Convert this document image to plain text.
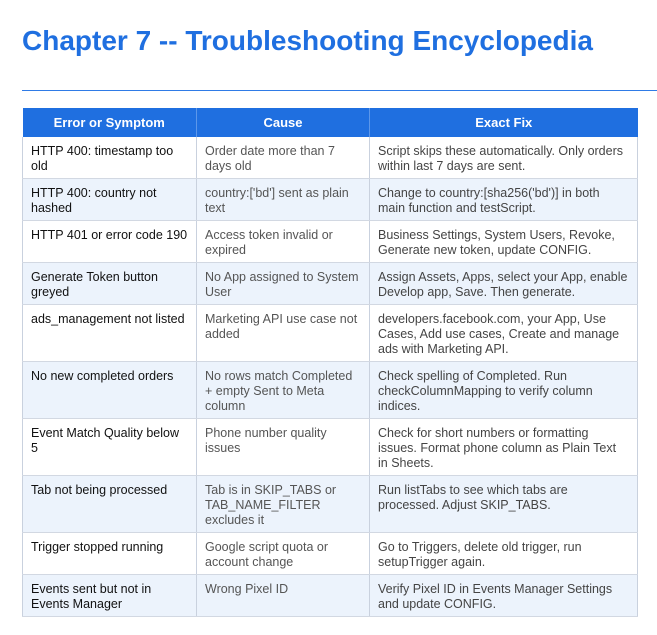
Chapter 7 -- Troubleshooting Encyclopedia
Error or Symptom	Cause	Exact Fix
HTTP 400: timestamp too old	Order date more than 7 days old	Script skips these automatically. Only orders within last 7 days are sent.
HTTP 400: country not hashed	country:['bd'] sent as plain text	Change to country:[sha256('bd')] in both main function and testScript.
HTTP 401 or error code 190	Access token invalid or expired	Business Settings, System Users, Revoke, Generate new token, update CONFIG.
Generate Token button greyed	No App assigned to System User	Assign Assets, Apps, select your App, enable Develop app, Save. Then generate.
ads_management not listed	Marketing API use case not added	developers.facebook.com, your App, Use Cases, Add use cases, Create and manage ads with Marketing API.
No new completed orders	No rows match Completed + empty Sent to Meta column	Check spelling of Completed. Run checkColumnMapping to verify column indices.
Event Match Quality below 5	Phone number quality issues	Check for short numbers or formatting issues. Format phone column as Plain Text in Sheets.
Tab not being processed	Tab is in SKIP_TABS or TAB_NAME_FILTER excludes it	Run listTabs to see which tabs are processed. Adjust SKIP_TABS.
Trigger stopped running	Google script quota or account change	Go to Triggers, delete old trigger, run setupTrigger again.
Events sent but not in Events Manager	Wrong Pixel ID	Verify Pixel ID in Events Manager Settings and update CONFIG.
